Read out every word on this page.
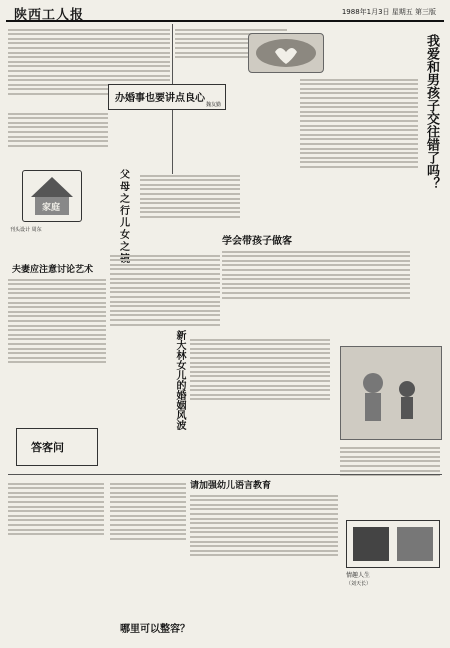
陕西工人报	1988年1月3日 星期五 第三版
我爱和男孩子交往错了吗？
办婚事也要讲点良心
魏友勤
家庭
刊头设计 周东
父母之行 儿女之
学会带孩子做客
夫妻应注意讨论艺术
新大林女儿的婚姻风波
答客问
请加强幼儿语言教育
情趣人生
（刘天长）
哪里可以整容？
